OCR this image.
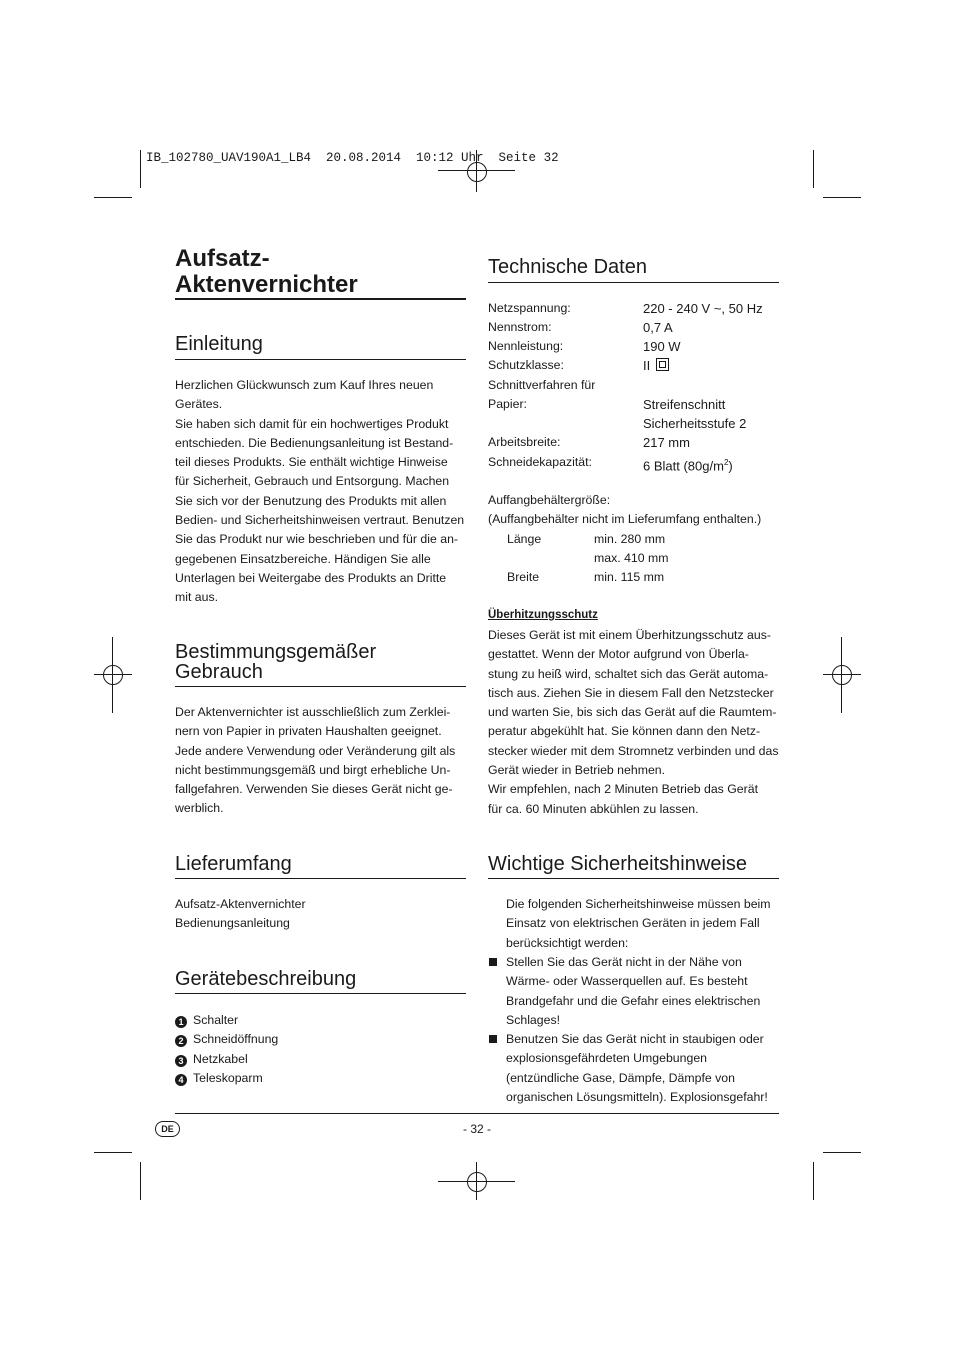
IB_102780_UAV190A1_LB4  20.08.2014  10:12 Uhr  Seite 32
Aufsatz-
Aktenvernichter
Einleitung

Herzlichen Glückwunsch zum Kauf Ihres neuen

Gerätes.

Sie haben sich damit für ein hochwertiges Produkt

entschieden. Die Bedienungsanleitung ist Bestand-

teil dieses Produkts. Sie enthält wichtige Hinweise

für Sicherheit, Gebrauch und Entsorgung. Machen

Sie sich vor der Benutzung des Produkts mit allen

Bedien- und Sicherheitshinweisen vertraut. Benutzen

Sie das Produkt nur wie beschrieben und für die an-

gegebenen Einsatzbereiche. Händigen Sie alle

Unterlagen bei Weitergabe des Produkts an Dritte

mit aus.

Bestimmungsgemäßer
Gebrauch

Der Aktenvernichter ist ausschließlich zum Zerklei-

nern von Papier in privaten Haushalten geeignet.

Jede andere Verwendung oder Veränderung gilt als

nicht bestimmungsgemäß und birgt erhebliche Un-

fallgefahren. Verwenden Sie dieses Gerät nicht ge-

werblich.

Lieferumfang

Aufsatz-Aktenvernichter

Bedienungsanleitung

Gerätebeschreibung

1 Schalter

2 Schneidöffnung

3 Netzkabel

4 Teleskoparm

Technische Daten
Netzspannung:	220 - 240 V ~, 50 Hz
Nennstrom:	0,7 A
Nennleistung:	190 W
Schutzklasse:	II
Schnittverfahren für
Papier:	Streifenschnitt
Sicherheitsstufe 2
Arbeitsbreite:	217 mm
Schneidekapazität:	6 Blatt $(80g/m^2)$
Auffangbehältergröße:
(Auffangbehälter nicht im Lieferumfang enthalten.)
Länge	min. 280 mm
max. 410 mm
Breite	min. 115 mm
Überhitzungsschutz

Dieses Gerät ist mit einem Überhitzungsschutz aus-

gestattet. Wenn der Motor aufgrund von Überla-

stung zu heiß wird, schaltet sich das Gerät automa-

tisch aus. Ziehen Sie in diesem Fall den Netzstecker

und warten Sie, bis sich das Gerät auf die Raumtem-

peratur abgekühlt hat. Sie können dann den Netz-

stecker wieder mit dem Stromnetz verbinden und das

Gerät wieder in Betrieb nehmen.

Wir empfehlen, nach 2 Minuten Betrieb das Gerät

für ca. 60 Minuten abkühlen zu lassen.

Wichtige Sicherheitshinweise

Die folgenden Sicherheitshinweise müssen beim

Einsatz von elektrischen Geräten in jedem Fall

berücksichtigt werden:

Stellen Sie das Gerät nicht in der Nähe von

Wärme- oder Wasserquellen auf. Es besteht

Brandgefahr und die Gefahr eines elektrischen

Schlages!

Benutzen Sie das Gerät nicht in staubigen oder

explosionsgefährdeten Umgebungen

(entzündliche Gase, Dämpfe, Dämpfe von

organischen Lösungsmitteln). Explosionsgefahr!

DE	- 32 -
